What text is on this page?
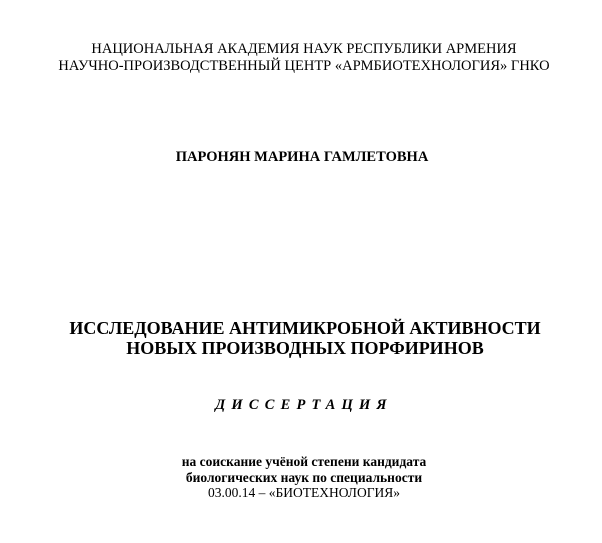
НАЦИОНАЛЬНАЯ АКАДЕМИЯ НАУК РЕСПУБЛИКИ АРМЕНИЯ
НАУЧНО-ПРОИЗВОДСТВЕННЫЙ ЦЕНТР «АРМБИОТЕХНОЛОГИЯ» ГНКО
ПАРОНЯН МАРИНА ГАМЛЕТОВНА
ИССЛЕДОВАНИЕ АНТИМИКРОБНОЙ АКТИВНОСТИ
НОВЫХ ПРОИЗВОДНЫХ ПОРФИРИНОВ
ДИССЕРТАЦИЯ
на соискание учёной степени кандидата
биологических наук по специальности
03.00.14 – «БИОТЕХНОЛОГИЯ»
